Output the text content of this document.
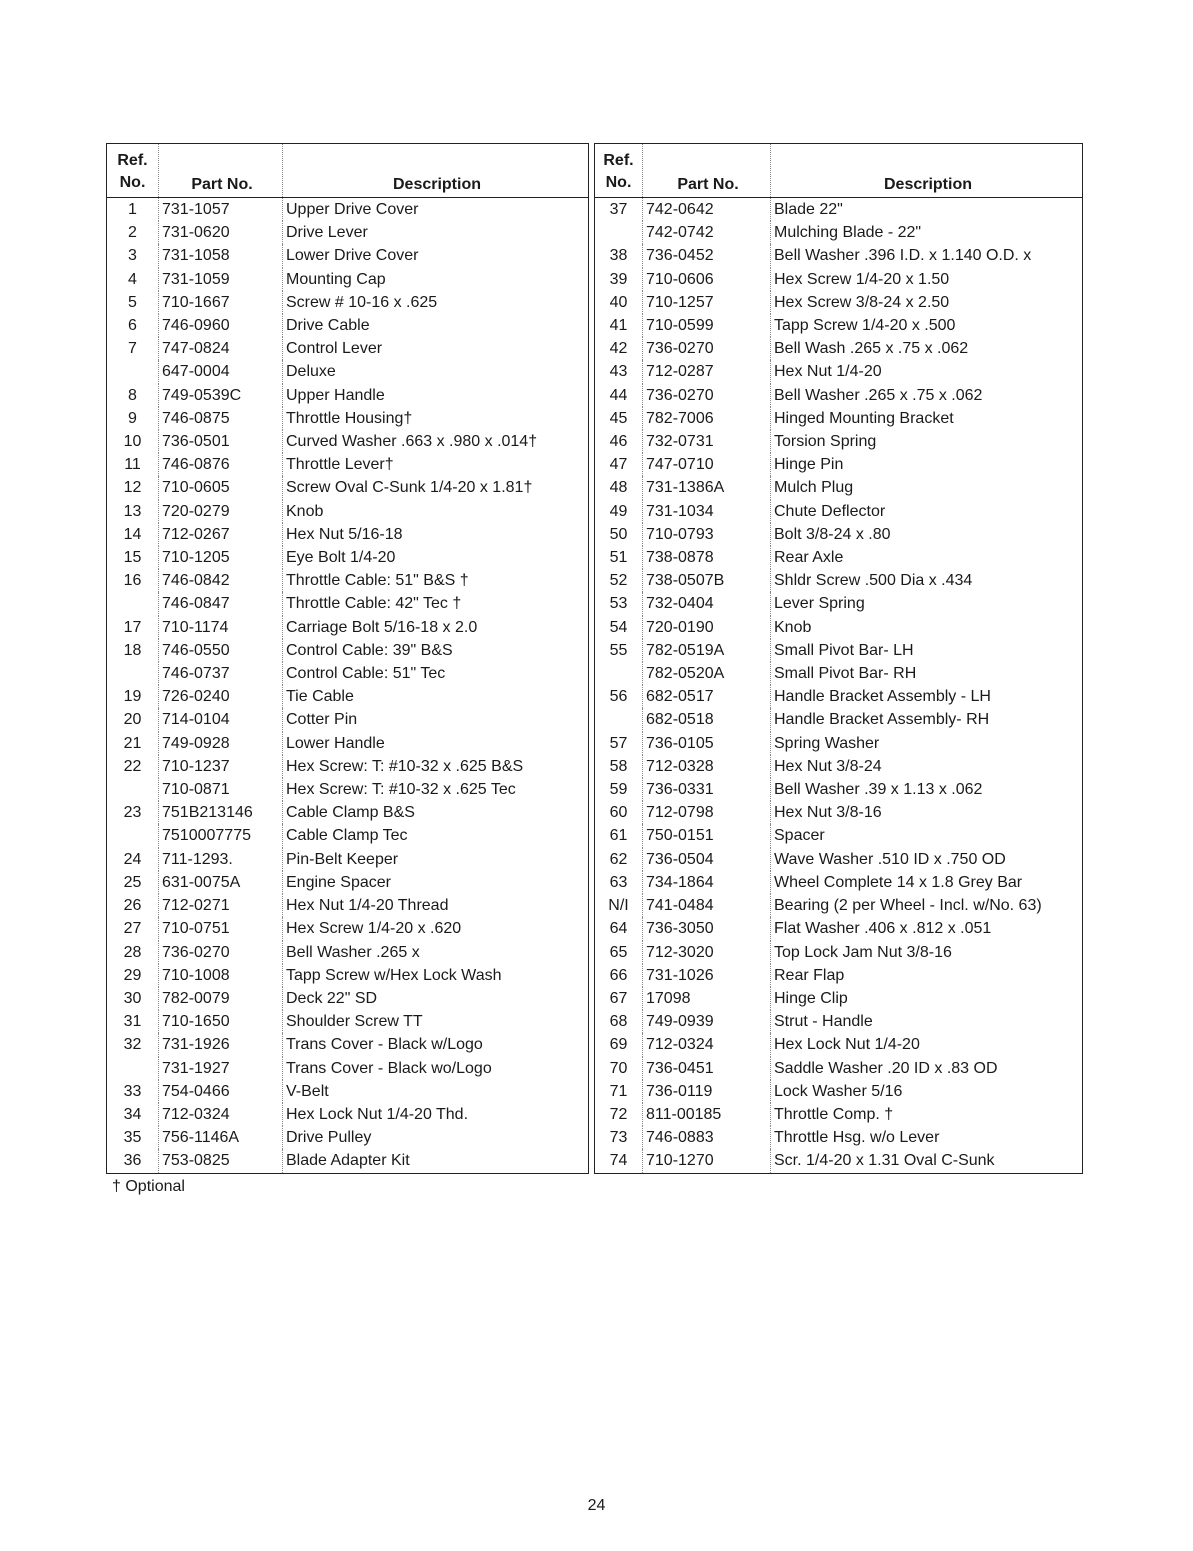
Ref.
No.	Part No.	Description
1	731-1057	Upper Drive Cover
2	731-0620	Drive Lever
3	731-1058	Lower Drive Cover
4	731-1059	Mounting Cap
5	710-1667	Screw # 10-16 x .625
6	746-0960	Drive Cable
7	747-0824	Control Lever
	647-0004	Deluxe
8	749-0539C	Upper Handle
9	746-0875	Throttle Housing†
10	736-0501	Curved Washer .663 x .980 x .014†
11	746-0876	Throttle Lever†
12	710-0605	Screw Oval C-Sunk 1/4-20 x 1.81†
13	720-0279	Knob
14	712-0267	Hex Nut 5/16-18
15	710-1205	Eye Bolt 1/4-20
16	746-0842	Throttle Cable: 51" B&S †
	746-0847	Throttle Cable: 42" Tec †
17	710-1174	Carriage Bolt 5/16-18 x 2.0
18	746-0550	Control Cable: 39" B&S
	746-0737	Control Cable: 51" Tec
19	726-0240	Tie Cable
20	714-0104	Cotter Pin
21	749-0928	Lower Handle
22	710-1237	Hex Screw: T: #10-32 x .625 B&S
	710-0871	Hex Screw: T: #10-32 x .625 Tec
23	751B213146	Cable Clamp B&S
	7510007775	Cable Clamp Tec
24	711-1293.	Pin-Belt Keeper
25	631-0075A	Engine Spacer
26	712-0271	Hex Nut 1/4-20 Thread
27	710-0751	Hex Screw 1/4-20 x .620
28	736-0270	Bell Washer .265 x
29	710-1008	Tapp Screw w/Hex Lock Wash
30	782-0079	Deck 22" SD
31	710-1650	Shoulder Screw TT
32	731-1926	Trans Cover - Black w/Logo
	731-1927	Trans Cover - Black wo/Logo
33	754-0466	V-Belt
34	712-0324	Hex Lock Nut 1/4-20 Thd.
35	756-1146A	Drive Pulley
36	753-0825	Blade Adapter Kit
Ref.
No.	Part No.	Description
37	742-0642	Blade 22"
	742-0742	Mulching Blade - 22"
38	736-0452	Bell Washer .396 I.D. x 1.140 O.D. x
39	710-0606	Hex Screw 1/4-20 x 1.50
40	710-1257	Hex Screw 3/8-24 x 2.50
41	710-0599	Tapp Screw 1/4-20 x .500
42	736-0270	Bell Wash .265 x .75 x .062
43	712-0287	Hex Nut 1/4-20
44	736-0270	Bell Washer .265 x .75 x .062
45	782-7006	Hinged Mounting Bracket
46	732-0731	Torsion Spring
47	747-0710	Hinge Pin
48	731-1386A	Mulch Plug
49	731-1034	Chute Deflector
50	710-0793	Bolt 3/8-24 x .80
51	738-0878	Rear Axle
52	738-0507B	Shldr Screw .500 Dia x .434
53	732-0404	Lever Spring
54	720-0190	Knob
55	782-0519A	Small Pivot Bar- LH
	782-0520A	Small Pivot Bar- RH
56	682-0517	Handle Bracket Assembly - LH
	682-0518	Handle Bracket Assembly- RH
57	736-0105	Spring Washer
58	712-0328	Hex Nut 3/8-24
59	736-0331	Bell Washer .39 x 1.13 x .062
60	712-0798	Hex Nut 3/8-16
61	750-0151	Spacer
62	736-0504	Wave Washer .510 ID x .750 OD
63	734-1864	Wheel Complete 14 x 1.8 Grey Bar
N/I	741-0484	Bearing (2 per Wheel - Incl. w/No. 63)
64	736-3050	Flat Washer .406 x .812 x .051
65	712-3020	Top Lock Jam Nut 3/8-16
66	731-1026	Rear Flap
67	17098	Hinge Clip
68	749-0939	Strut - Handle
69	712-0324	Hex Lock Nut 1/4-20
70	736-0451	Saddle Washer .20 ID x .83 OD
71	736-0119	Lock Washer 5/16
72	811-00185	Throttle Comp. †
73	746-0883	Throttle Hsg. w/o Lever
74	710-1270	Scr. 1/4-20 x 1.31 Oval C-Sunk
† Optional
24
